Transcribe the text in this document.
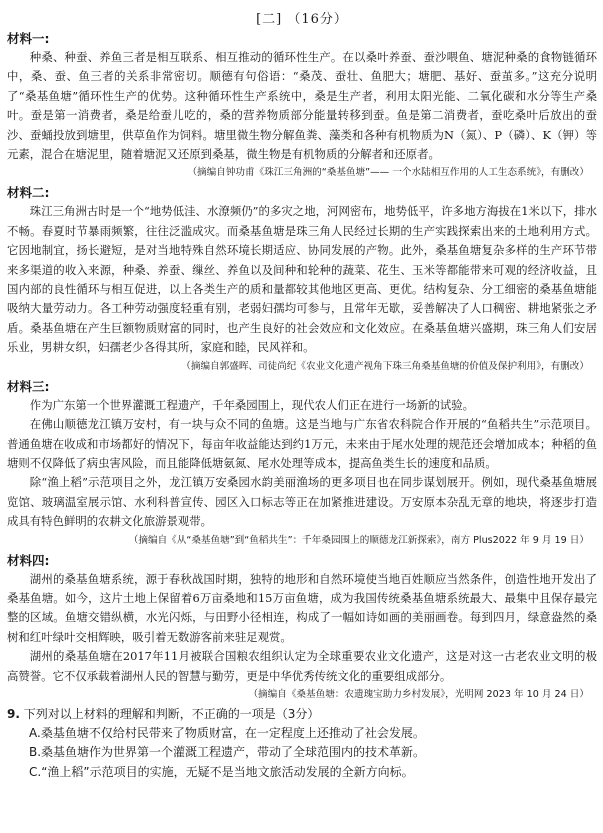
[二] （16分）
材料一:

种桑、种蚕、养鱼三者是相互联系、相互推动的循环性生产。在以桑叶养蚕、蚕沙喂鱼、塘泥种桑的食物链循环中，桑、蚕、鱼三者的关系非常密切。顺德有句俗语：“桑茂、蚕壮、鱼肥大；塘肥、基好、蚕茧多。”这充分说明了“桑基鱼塘”循环性生产的优势。这种循环性生产系统中，桑是生产者，利用太阳光能、二氧化碳和水分等生产桑叶。蚕是第一消费者，桑是给蚕儿吃的，桑的营养物质部分能量转移到蚕。鱼是第二消费者，蚕吃桑叶后放出的蚕沙、蚕蛹投放到塘里，供草鱼作为饲料。塘里微生物分解鱼粪、藻类和各种有机物质为N（氮）、P（磷）、K（钾）等元素，混合在塘泥里，随着塘泥又还原到桑基，微生物是有机物质的分解者和还原者。

（摘编自钟功甫《珠江三角洲的“桑基鱼塘”—— 一个水陆相互作用的人工生态系统》，有删改）
材料二:

珠江三角洲古时是一个“地势低洼、水潦频仍”的多灾之地，河网密布，地势低平，许多地方海拔在1米以下，排水不畅。春夏时节暴雨频繁，往往泛滥成灾。而桑基鱼塘是珠三角人民经过长期的生产实践探索出来的土地利用方式。它因地制宜，扬长避短，是对当地特殊自然环境长期适应、协同发展的产物。此外，桑基鱼塘复杂多样的生产环节带来多渠道的收入来源，种桑、养蚕、缫丝、养鱼以及间种和轮种的蔬菜、花生、玉米等都能带来可观的经济收益，且国内部的良性循环与相互促进，以上各类生产的质和量都较其他地区更高、更优。结构复杂、分工细密的桑基鱼塘能吸纳大量劳动力。各工种劳动强度轻重有别，老弱妇孺均可参与，且常年无歇，妥善解决了人口稠密、耕地紧张之矛盾。桑基鱼塘在产生巨额物质财富的同时，也产生良好的社会效应和文化效应。在桑基鱼塘兴盛期，珠三角人们安居乐业，男耕女织，妇孺老少各得其所，家庭和睦，民风祥和。

（摘编自郭盛晖、司徒尚纪《农业文化遗产视角下珠三角桑基鱼塘的价值及保护利用》，有删改）
材料三:

作为广东第一个世界灌溉工程遗产，千年桑园围上，现代农人们正在进行一场新的试验。

在佛山顺德龙江镇万安村，有一块与众不同的鱼塘。这是当地与广东省农科院合作开展的“鱼稻共生”示范项目。普通鱼塘在收成和市场都好的情况下，每亩年收益能达到约1万元，未来由于尾水处理的规范还会增加成本；种稻的鱼塘则不仅降低了病虫害风险，而且能降低塘氨氮、尾水处理等成本，提高鱼类生长的速度和品质。

除“渔上稻”示范项目之外，龙江镇万安桑园水韵美丽渔场的更多项目也在同步谋划展开。例如，现代桑基鱼塘展览馆、玻璃温室展示馆、水利科普宣传、园区入口标志等正在加紧推进建设。万安原本杂乱无章的地块，将逐步打造成具有特色鲜明的农耕文化旅游景观带。

（摘编自《从“桑基鱼塘”到“鱼稻共生”：千年桑园围上的顺德龙江新探索》，南方 Plus2022 年 9 月 19 日）
材料四:

湖州的桑基鱼塘系统，源于春秋战国时期，独特的地形和自然环境使当地百姓顺应当然条件，创造性地开发出了桑基鱼塘。如今，这片土地上保留着6万亩桑地和15万亩鱼塘，成为我国传统桑基鱼塘系统最大、最集中且保存最完整的区域。鱼塘交错纵横，水光闪烁，与田野小径相连，构成了一幅如诗如画的美丽画卷。每到四月，绿意盎然的桑树和红叶绿叶交相辉映，吸引着无数游客前来驻足观赏。

湖州的桑基鱼塘在2017年11月被联合国粮农组织认定为全球重要农业文化遗产，这是对这一古老农业文明的极高赞誉。它不仅承载着湖州人民的智慧与勤劳，更是中华优秀传统文化的重要组成部分。

（摘编自《桑基鱼塘：农遗瑰宝助力乡村发展》，光明网 2023 年 10 月 24 日）
9. 下列对以上材料的理解和判断，不正确的一项是（3分）
A.桑基鱼塘不仅给村民带来了物质财富，在一定程度上还推动了社会发展。
B.桑基鱼塘作为世界第一个灌溉工程遗产，带动了全球范围内的技术革新。
C.“渔上稻”示范项目的实施，无疑不是当地文旅活动发展的全新方向标。
